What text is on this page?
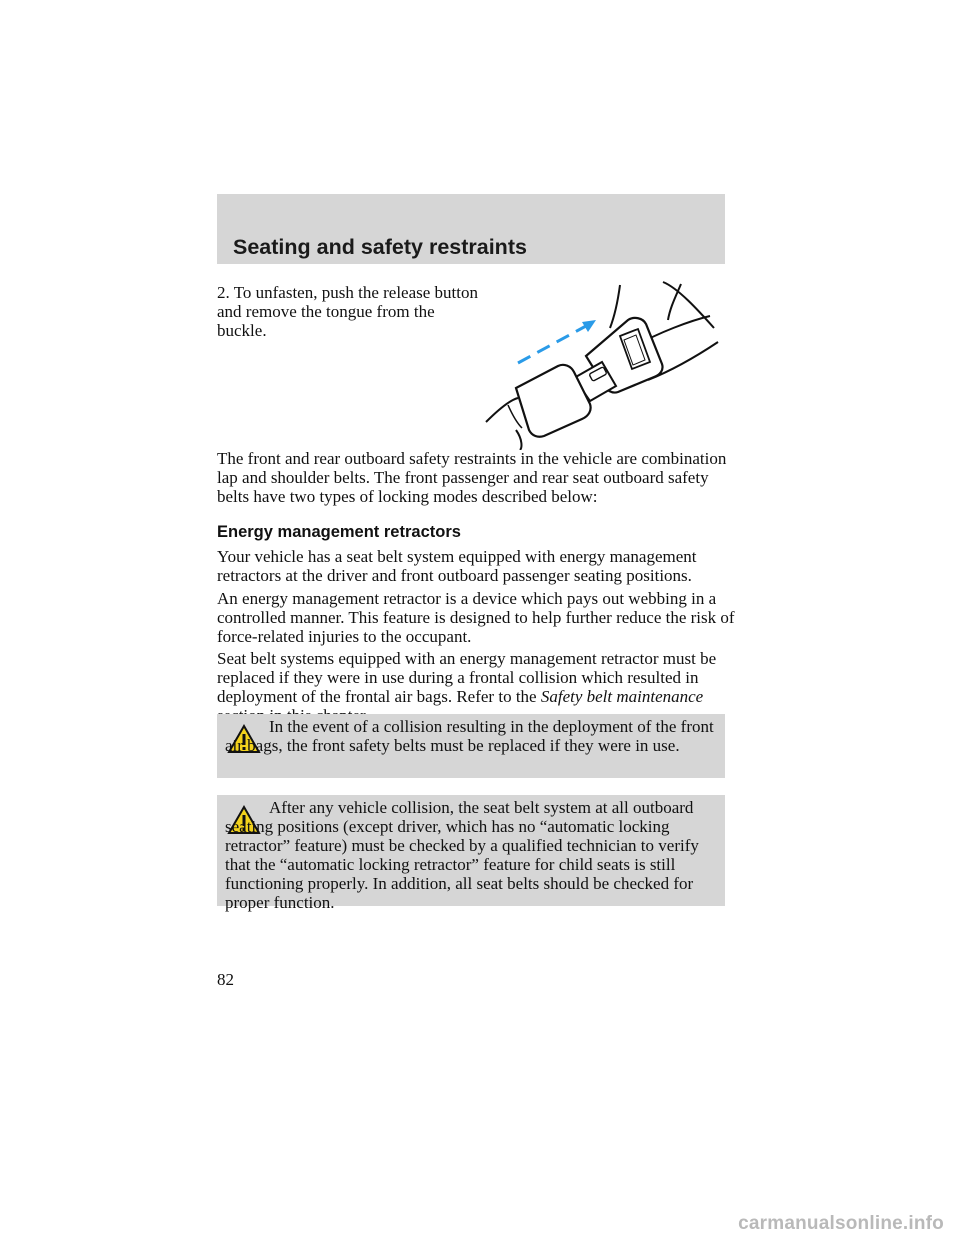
Seating and safety restraints
2. To unfasten, push the release button and remove the tongue from the buckle.

The front and rear outboard safety restraints in the vehicle are combination lap and shoulder belts. The front passenger and rear seat outboard safety belts have two types of locking modes described below:

Energy management retractors

Your vehicle has a seat belt system equipped with energy management retractors at the driver and front outboard passenger seating positions.

An energy management retractor is a device which pays out webbing in a controlled manner. This feature is designed to help further reduce the risk of force-related injuries to the occupant.

Seat belt systems equipped with an energy management retractor must be replaced if they were in use during a frontal collision which resulted in deployment of the frontal air bags. Refer to the Safety belt maintenance

In the event of a collision resulting in the deployment of the front air bags, the front safety belts must be replaced if they were in use.
After any vehicle collision, the seat belt system at all outboard seating positions (except driver, which has no “automatic locking retractor” feature) must be checked by a qualified technician to verify that the “automatic locking retractor” feature for child seats is still functioning properly. In addition, all seat belts should be checked for proper function.
82
carmanualsonline.info
